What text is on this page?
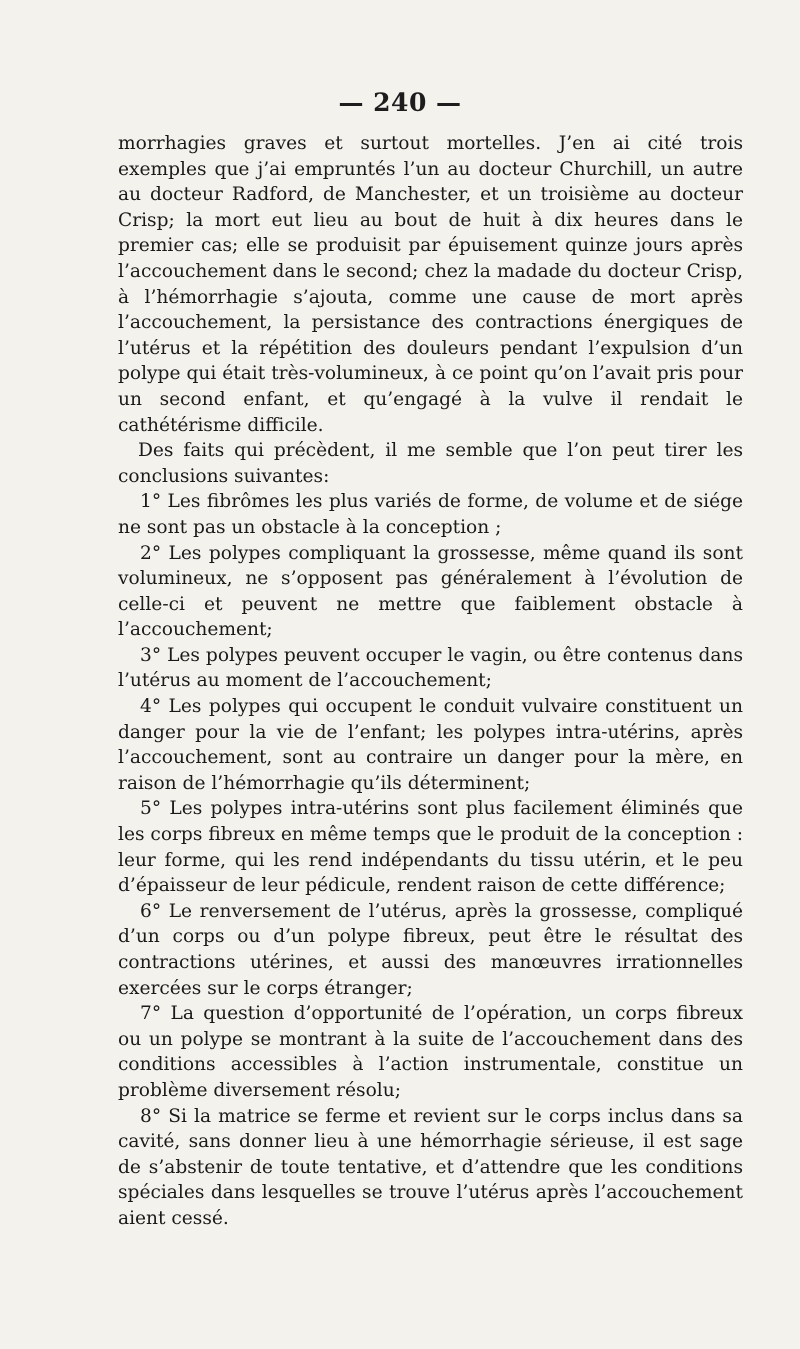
— 240 —

morrhagies graves et surtout mortelles. J’en ai cité trois exemples que j’ai empruntés l’un au docteur Churchill, un autre au docteur Radford, de Manchester, et un troisième au docteur Crisp; la mort eut lieu au bout de huit à dix heures dans le premier cas; elle se produisit par épuisement quinze jours après l’accouchement dans le second; chez la madade du docteur Crisp, à l’hémorrhagie s’ajouta, comme une cause de mort après l’accouchement, la persistance des contractions énergiques de l’utérus et la répétition des douleurs pendant l’expulsion d’un polype qui était très-volumineux, à ce point qu’on l’avait pris pour un second enfant, et qu’engagé à la vulve il rendait le cathétérisme difficile.

Des faits qui précèdent, il me semble que l’on peut tirer les conclusions suivantes:

1° Les fibrômes les plus variés de forme, de volume et de siége ne sont pas un obstacle à la conception ;

2° Les polypes compliquant la grossesse, même quand ils sont volumineux, ne s’opposent pas généralement à l’évolution de celle-ci et peuvent ne mettre que faiblement obstacle à l’accouchement;

3° Les polypes peuvent occuper le vagin, ou être contenus dans l’utérus au moment de l’accouchement;

4° Les polypes qui occupent le conduit vulvaire constituent un danger pour la vie de l’enfant; les polypes intra-utérins, après l’accouchement, sont au contraire un danger pour la mère, en raison de l’hémorrhagie qu’ils déterminent;

5° Les polypes intra-utérins sont plus facilement éliminés que les corps fibreux en même temps que le produit de la conception : leur forme, qui les rend indépendants du tissu utérin, et le peu d’épaisseur de leur pédicule, rendent raison de cette différence;

6° Le renversement de l’utérus, après la grossesse, compliqué d’un corps ou d’un polype fibreux, peut être le résultat des contractions utérines, et aussi des manœuvres irrationnelles exercées sur le corps étranger;

7° La question d’opportunité de l’opération, un corps fibreux ou un polype se montrant à la suite de l’accouchement dans des conditions accessibles à l’action instrumentale, constitue un problème diversement résolu;

8° Si la matrice se ferme et revient sur le corps inclus dans sa cavité, sans donner lieu à une hémorrhagie sérieuse, il est sage de s’abstenir de toute tentative, et d’attendre que les conditions spéciales dans lesquelles se trouve l’utérus après l’accouchement aient cessé.
